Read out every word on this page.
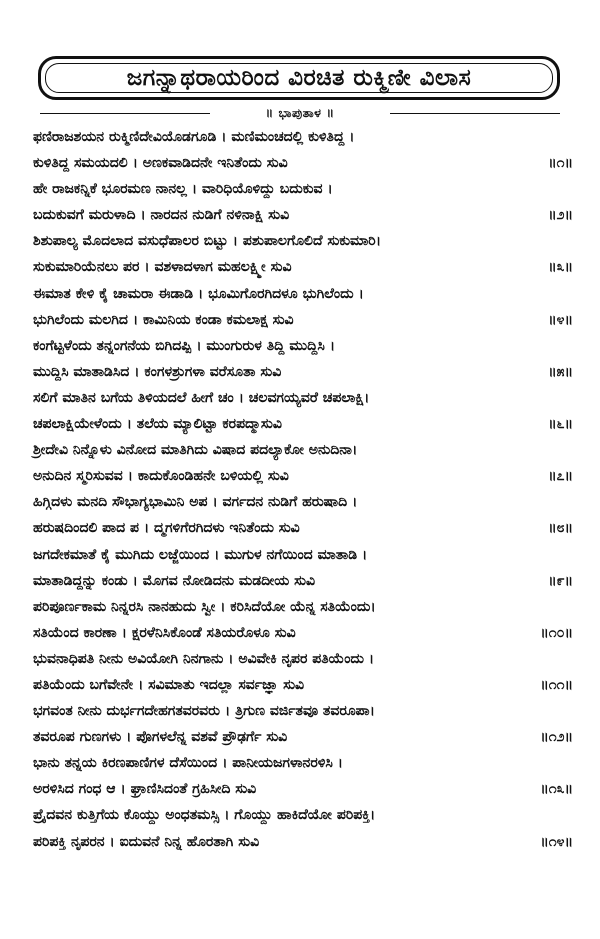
ಜಗನ್ನಾಥರಾಯರಿಂದ ವಿರಚಿತ ರುಕ್ಮಿಣೀ ವಿಲಾಸ
॥ ಭಾಪುತಾಳ ॥
ಫಣಿರಾಜಶಯನ ರುಕ್ಮಿಣಿದೇವಿಯೊಡಗೂಡಿ । ಮಣಿಮಂಚದಲ್ಲಿ ಕುಳಿತಿದ್ದ ।
ಕುಳಿತಿದ್ದ ಸಮಯದಲಿ । ಅಣಕವಾಡಿದನೇ ಇನಿತೆಂದು ಸುವಿ	॥೧॥
ಹೇ ರಾಜಕನ್ನಿಕೆ ಭೂರಮಣ ನಾನಲ್ಲ । ವಾರಿಧಿಯೊಳಿದ್ದು ಬದುಕುವ ।
ಬದುಕುವಗೆ ಮರುಳಾದಿ । ನಾರದನ ನುಡಿಗೆ ನಳಿನಾಕ್ಷಿ ಸುವಿ	॥೨॥
ಶಿಶುಪಾಲ್ಯ ಮೊದಲಾದ ವಸುಧೆಪಾಲರ ಬಿಟ್ಟು । ಪಶುಪಾಲಗೊಲಿದೆ ಸುಕುಮಾರಿ।
ಸುಕುಮಾರಿಯೆನಲು ಪರ । ವಶಳಾದಳಾಗ ಮಹಲಕ್ಷ್ಮೀ ಸುವಿ	॥೩॥
ಈಮಾತ ಕೇಳಿ ಕೈ ಚಾಮರಾ ಈಡಾಡಿ । ಭೂಮಿಗೊರಗಿದಳೂ ಭುಗಿಲೆಂದು ।
ಭುಗಿಲೆಂದು ಮಲಗಿದ । ಕಾಮಿನಿಯ ಕಂಡಾ ಕಮಲಾಕ್ಷ ಸುವಿ	॥೪॥
ಕಂಗೆಟ್ಟಳೆಂದು ತನ್ನಂಗನೆಯ ಬಿಗಿದಪ್ಪಿ । ಮುಂಗುರುಳ ತಿದ್ದಿ ಮುದ್ದಿಸಿ ।
ಮುದ್ದಿಸಿ ಮಾತಾಡಿಸಿದ । ಕಂಗಳಶ್ರುಗಳಾ ವರೆಸೂತಾ ಸುವಿ	॥೫॥
ಸಲಿಗೆ ಮಾತಿನ ಬಗೆಯ ತಿಳಿಯದಲೆ ಹೀಗೆ ಚಂ । ಚಲವಗಯ್ಯವರೆ ಚಪಲಾಕ್ಷಿ।
ಚಪಲಾಕ್ಷಿಯೇಳೆಂದು । ತಲೆಯ ಮ್ಯಾಲಿಟ್ಟಾ ಕರಪದ್ಮಾಸುವಿ	॥೬॥
ಶ್ರೀದೇವಿ ನಿನ್ನೊಳು ವಿನೋದ ಮಾತಿಗಿದು ವಿಷಾದ ಪದಲ್ಯಾಕೋ ಅನುದಿನಾ।
ಅನುದಿನ ಸ್ಮರಿಸುವವ । ಕಾದುಕೊಂಡಿಹನೇ ಬಳಿಯಲ್ಲಿ ಸುವಿ	॥೭॥
ಹಿಗ್ಗಿದಳು ಮನದಿ ಸೌಭಾಗ್ಯಭಾಮಿನಿ ಅಪ । ವರ್ಗದನ ನುಡಿಗೆ ಹರುಷಾದಿ ।
ಹರುಷದಿಂದಲಿ ಪಾದ ಪ । ದ್ಮಗಳಿಗೆರಗಿದಳು ಇನಿತೆಂದು ಸುವಿ	॥೮॥
ಜಗದೇಕಮಾತೆ ಕೈ ಮುಗಿದು ಲಜ್ಜೆಯಿಂದ । ಮುಗುಳ ನಗೆಯಿಂದ ಮಾತಾಡಿ ।
ಮಾತಾಡಿದ್ದನ್ನು ಕಂಡು । ಮೊಗವ ನೋಡಿದನು ಮಡದೀಯ ಸುವಿ	॥೯॥
ಪರಿಪೂರ್ಣಕಾಮ ನಿನ್ನರಸಿ ನಾನಹುದು ಸ್ವೀ । ಕರಿಸಿದೆಯೋ ಯೆನ್ನ ಸತಿಯೆಂದು।
ಸತಿಯೆಂದ ಕಾರಣಾ । ಕ್ಷರಳೆನಿಸಿಕೊಂಡೆ ಸತಿಯರೊಳೂ ಸುವಿ	॥೧೦॥
ಭುವನಾಧಿಪತಿ ನೀನು ಅವಿಯೋಗಿ ನಿನಗಾನು । ಅವಿವೇಕಿ ನೃಪರ ಪತಿಯೆಂದು ।
ಪತಿಯೆಂದು ಬಗೆವೇನೇ । ಸವಿಮಾತು ಇದಲ್ಲಾ ಸರ್ವಜ್ಞಾ ಸುವಿ	॥೧೧॥
ಭಗವಂತ ನೀನು ದುರ್ಭಗದೇಹಗತವರವರು । ತ್ರಿಗುಣ ವರ್ಜಿತವೂ ತವರೂಪಾ।
ತವರೂಪ ಗುಣಗಳು । ಪೊಗಳಲೆನ್ನ ವಶವೆ ಪ್ರೌಢರ್ಗೆ ಸುವಿ	॥೧೨॥
ಭಾನು ತನ್ನಯ ಕಿರಣಪಾಣಿಗಳ ದೆಸೆಯಿಂದ । ಪಾನೀಯಜಗಳಾನರಳಿಸಿ ।
ಅರಳಿಸಿದ ಗಂಧ ಆ । ಘ್ರಾಣಿಸಿದಂತೆ ಗ್ರಹಿಸೀದಿ ಸುವಿ	॥೧೩॥
ಪ್ರೈದವನ ಕುತ್ತಿಗೆಯ ಕೊಯ್ದು ಅಂಧತಮಸ್ಸಿ । ಗೊಯ್ದು ಹಾಕಿದೆಯೋ ಪರಿಪಕ್ತಿ।
ಪರಿಪಕ್ತಿ ನೃಪರನ । ಐದುವನೆ ನಿನ್ನ ಹೊರತಾಗಿ ಸುವಿ	॥೧೪॥
